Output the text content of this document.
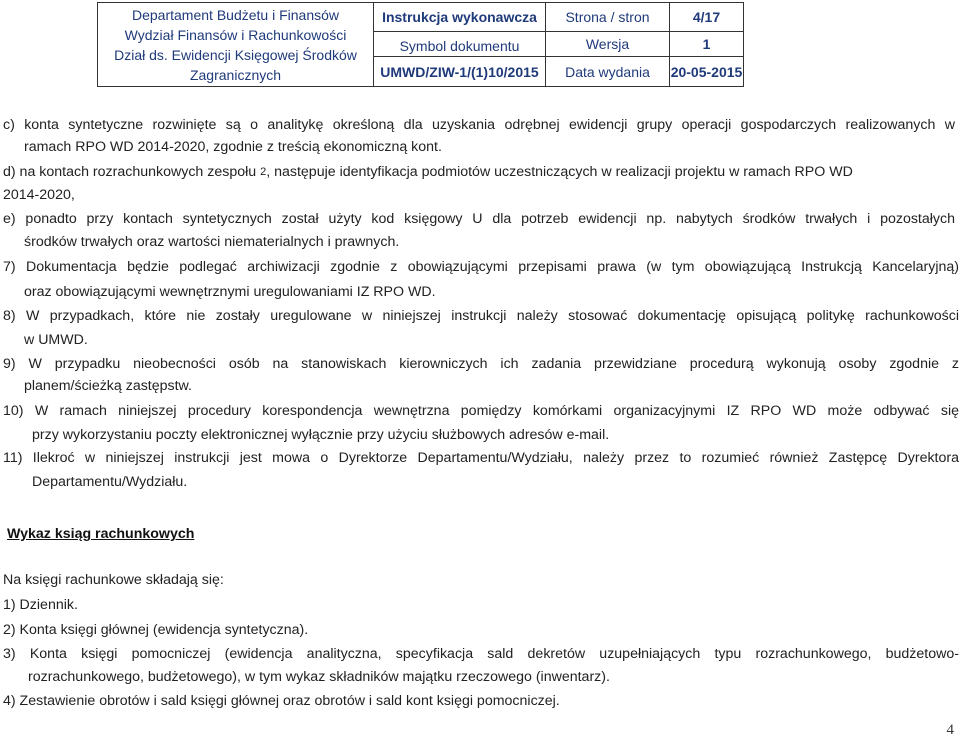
Departament Budżetu i Finansów
Wydział Finansów i Rachunkowości
Dział ds. Ewidencji Księgowej Środków
Zagranicznych	Instrukcja wykonawcza	Strona / stron	4/17
	Symbol dokumentu	Wersja	1
	UMWD/ZIW-1/(1)10/2015	Data wydania	20-05-2015
c) konta syntetyczne rozwinięte są o analitykę określoną dla uzyskania odrębnej ewidencji grupy operacji gospodarczych realizowanych w
ramach RPO WD 2014-2020, zgodnie z treścią ekonomiczną kont.
d) na kontach rozrachunkowych zespołu $^2$, następuje identyfikacja podmiotów uczestniczących w realizacji projektu w ramach RPO WD
2014-2020,
e) ponadto przy kontach syntetycznych został użyty kod księgowy U dla potrzeb ewidencji np. nabytych środków trwałych i pozostałych
środków trwałych oraz wartości niematerialnych i prawnych.
7) Dokumentacja będzie podlegać archiwizacji zgodnie z obowiązującymi przepisami prawa (w tym obowiązującą Instrukcją Kancelaryjną)
oraz obowiązującymi wewnętrznymi uregulowaniami IZ RPO WD.
8) W przypadkach, które nie zostały uregulowane w niniejszej instrukcji należy stosować dokumentację opisującą politykę rachunkowości
w UMWD.
9) W przypadku nieobecności osób na stanowiskach kierowniczych ich zadania przewidziane procedurą wykonują osoby zgodnie z
planem/ścieżką zastępstw.
10) W ramach niniejszej procedury korespondencja wewnętrzna pomiędzy komórkami organizacyjnymi IZ RPO WD może odbywać się
przy wykorzystaniu poczty elektronicznej wyłącznie przy użyciu służbowych adresów e-mail.
11) Ilekroć w niniejszej instrukcji jest mowa o Dyrektorze Departamentu/Wydziału, należy przez to rozumieć również Zastępcę Dyrektora
Departamentu/Wydziału.
Wykaz ksiąg rachunkowych
Na księgi rachunkowe składają się:
1) Dziennik.
2) Konta księgi głównej (ewidencja syntetyczna).
3) Konta księgi pomocniczej (ewidencja analityczna, specyfikacja sald dekretów uzupełniających typu rozrachunkowego, budżetowo-
rozrachunkowego, budżetowego), w tym wykaz składników majątku rzeczowego (inwentarz).
4) Zestawienie obrotów i sald księgi głównej oraz obrotów i sald kont księgi pomocniczej.
4
